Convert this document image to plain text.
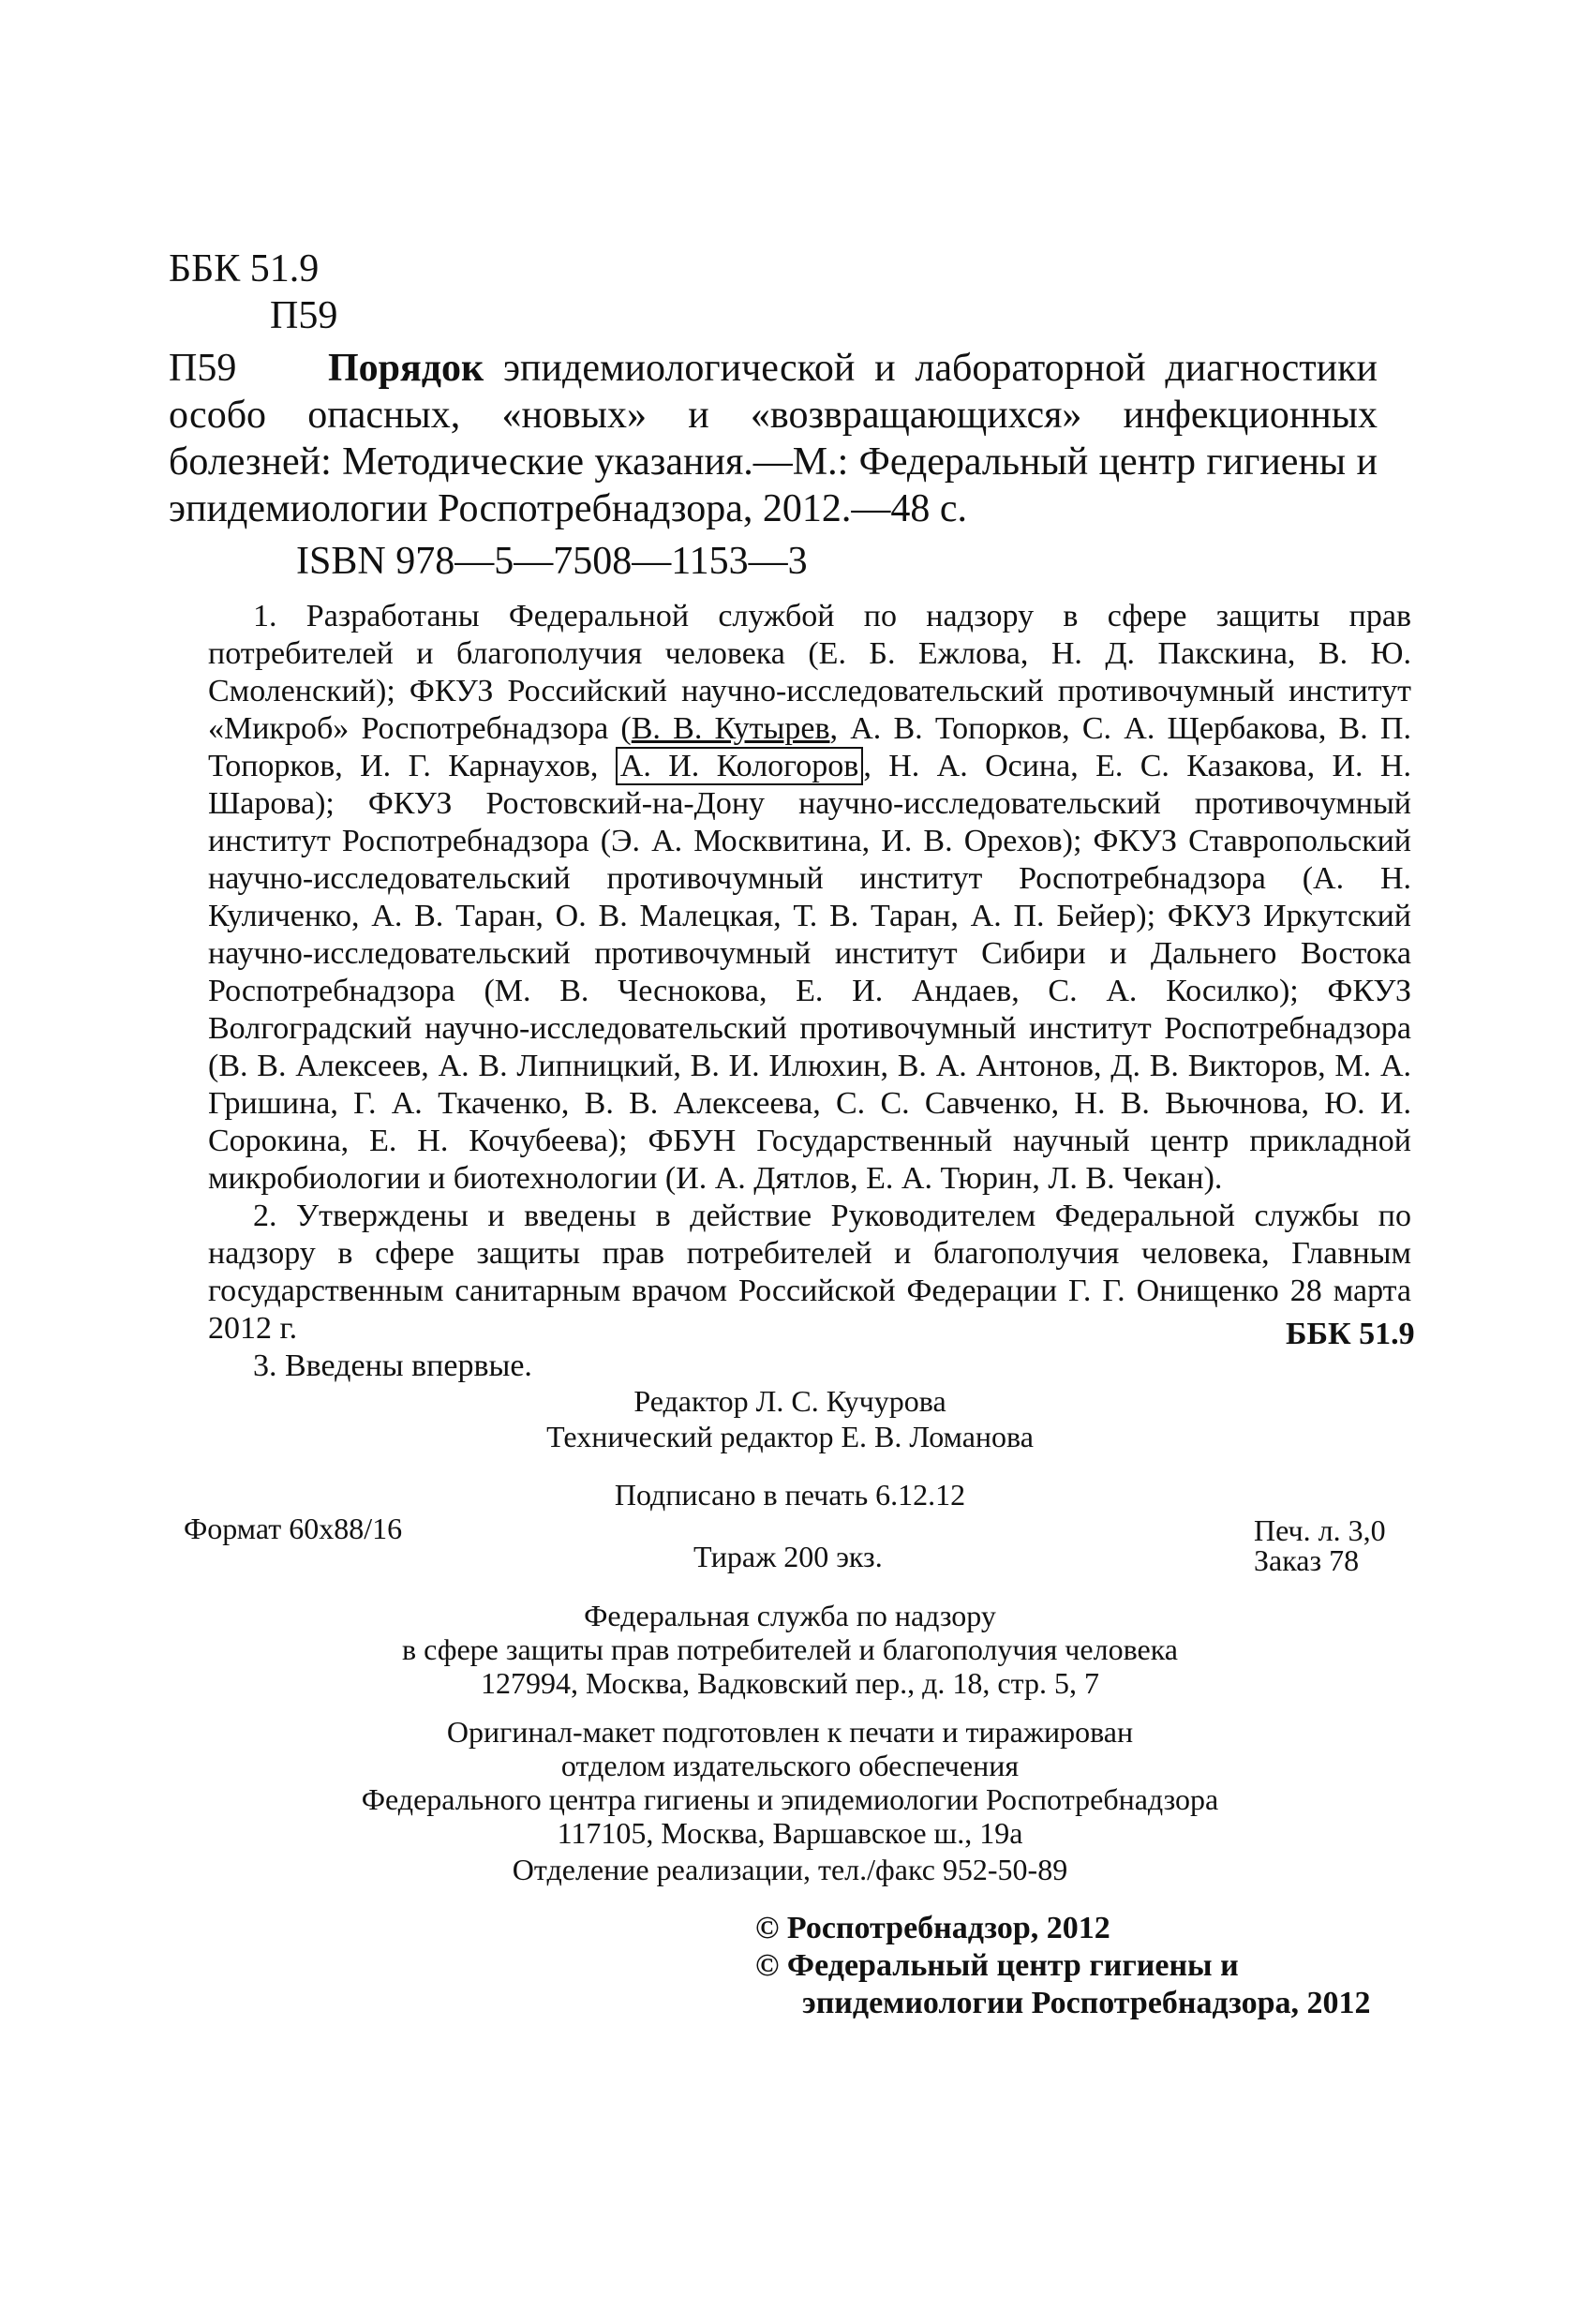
ББК 51.9
П59
П59	Порядок эпидемиологической и лабораторной диагностики особо опасных, «новых» и «возвращающихся» инфекционных болезней: Методические указания.—М.: Федеральный центр гигиены и эпидемиологии Роспотребнадзора, 2012.—48 с.
ISBN 978—5—7508—1153—3

1. Разработаны Федеральной службой по надзору в сфере защиты прав потребителей и благополучия человека (Е. Б. Ежлова, Н. Д. Пакскина, В. Ю. Смоленский); ФКУЗ Российский научно-исследовательский противочумный институт «Микроб» Роспотребнадзора (В. В. Кутырев, А. В. Топорков, С. А. Щербакова, В. П. Топорков, И. Г. Карнаухов, А. И. Кологоров , Н. А. Осина, Е. С. Казакова, И. Н. Шарова); ФКУЗ Ростовский-на-Дону научно-исследовательский противочумный институт Роспотребнадзора (Э. А. Москвитина, И. В. Орехов); ФКУЗ Ставропольский научно-исследовательский противочумный институт Роспотребнадзора (А. Н. Куличенко, А. В. Таран, О. В. Малецкая, Т. В. Таран, А. П. Бейер); ФКУЗ Иркутский научно-исследовательский противочумный институт Сибири и Дальнего Востока Роспотребнадзора (М. В. Чеснокова, Е. И. Андаев, С. А. Косилко); ФКУЗ Волгоградский научно-исследовательский противочумный институт Роспотребнадзора (В. В. Алексеев, А. В. Липницкий, В. И. Илюхин, В. А. Антонов, Д. В. Викторов, М. А. Гришина, Г. А. Ткаченко, В. В. Алексеева, С. С. Савченко, Н. В. Вьючнова, Ю. И. Сорокина, Е. Н. Кочубеева); ФБУН Государственный научный центр прикладной микробиологии и биотехнологии (И. А. Дятлов, Е. А. Тюрин, Л. В. Чекан).

2. Утверждены и введены в действие Руководителем Федеральной службы по надзору в сфере защиты прав потребителей и благополучия человека, Главным государственным санитарным врачом Российской Федерации Г. Г. Онищенко 28 марта 2012 г.

3. Введены впервые.

ББК 51.9
Редактор Л. С. Кучурова
Технический редактор Е. В. Ломанова
Подписано в печать 6.12.12
Формат 60x88/16	Печ. л. 3,0
Тираж 200 экз.	Заказ 78
Федеральная служба по надзору
в сфере защиты прав потребителей и благополучия человека
127994, Москва, Вадковский пер., д. 18, стр. 5, 7
Оригинал-макет подготовлен к печати и тиражирован
отделом издательского обеспечения
Федерального центра гигиены и эпидемиологии Роспотребнадзора
117105, Москва, Варшавское ш., 19а
Отделение реализации, тел./факс 952-50-89
© Роспотребнадзор, 2012
© Федеральный центр гигиены и
эпидемиологии Роспотребнадзора, 2012
